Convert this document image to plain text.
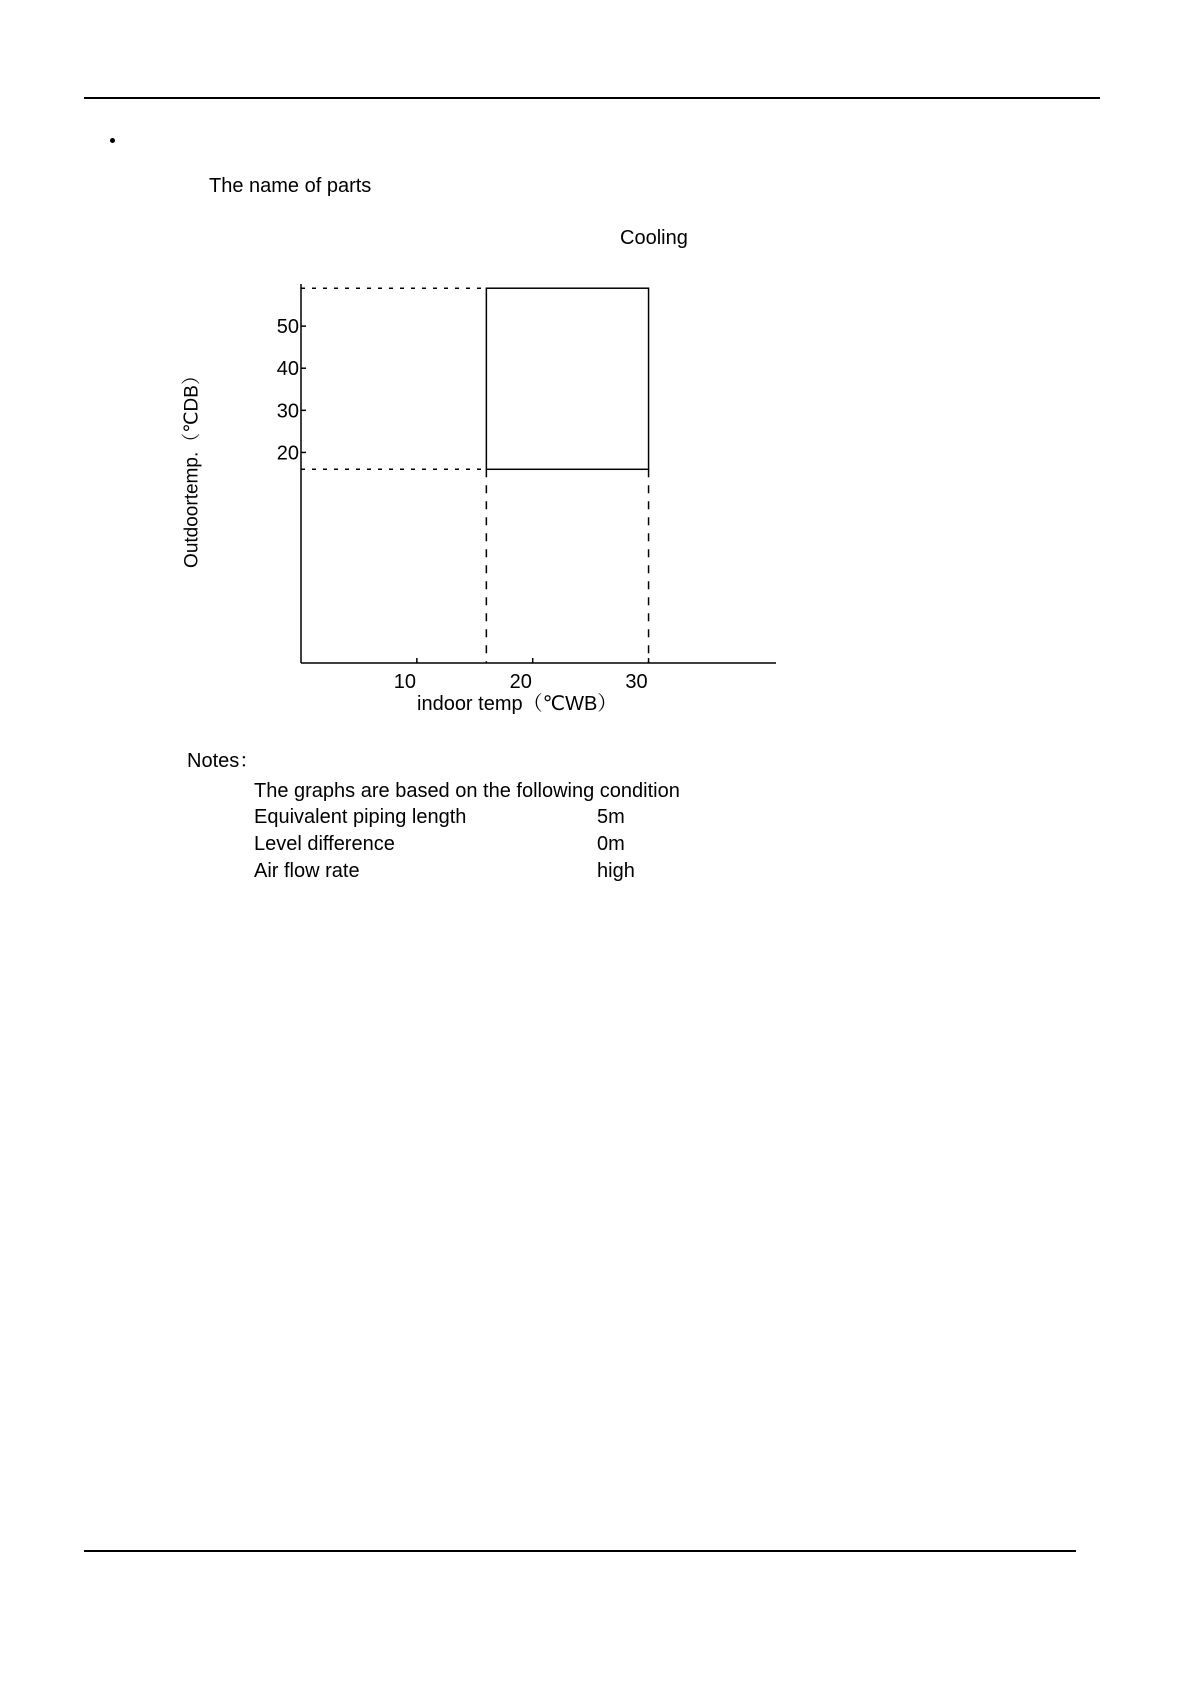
The name of parts
Cooling
Outdoortemp.（℃DB）	20
30
40
50
10	20	30
indoor temp（℃WB）
Notes：
The graphs are based on the following condition
Equivalent piping length	5m
Level difference	0m
Air flow rate	high
